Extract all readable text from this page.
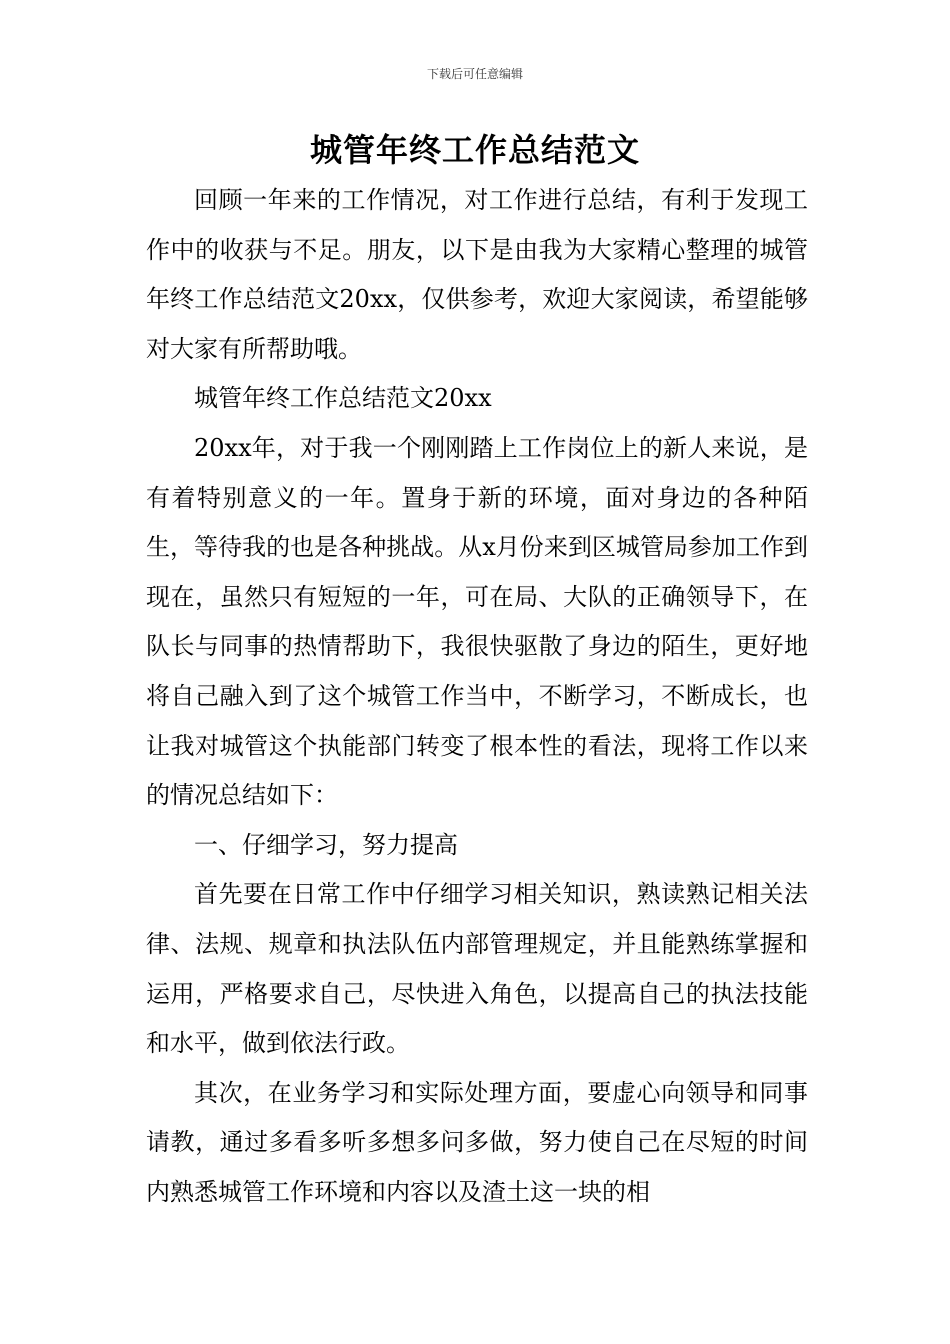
下载后可任意编辑
城管年终工作总结范文

回顾一年来的工作情况，对工作进行总结，有利于发现工作中的收获与不足。朋友，以下是由我为大家精心整理的城管年终工作总结范文20xx，仅供参考，欢迎大家阅读，希望能够对大家有所帮助哦。

城管年终工作总结范文20xx

20xx年，对于我一个刚刚踏上工作岗位上的新人来说，是有着特别意义的一年。置身于新的环境，面对身边的各种陌生，等待我的也是各种挑战。从x月份来到区城管局参加工作到现在，虽然只有短短的一年，可在局、大队的正确领导下，在队长与同事的热情帮助下，我很快驱散了身边的陌生，更好地将自己融入到了这个城管工作当中，不断学习，不断成长，也让我对城管这个执能部门转变了根本性的看法，现将工作以来的情况总结如下：

一、仔细学习，努力提高

首先要在日常工作中仔细学习相关知识，熟读熟记相关法律、法规、规章和执法队伍内部管理规定，并且能熟练掌握和运用，严格要求自己，尽快进入角色，以提高自己的执法技能和水平，做到依法行政。

其次，在业务学习和实际处理方面，要虚心向领导和同事请教，通过多看多听多想多问多做，努力使自己在尽短的时间内熟悉城管工作环境和内容以及渣土这一块的相
